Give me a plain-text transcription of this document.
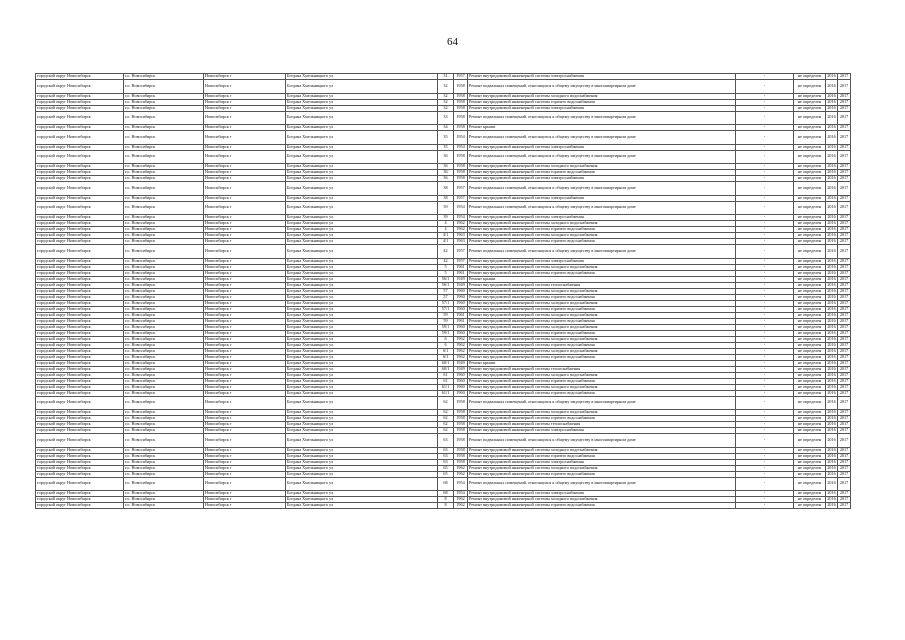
64
городской округ Новосибирск	г.о. Новосибирск	Новосибирск г	Богдана Хмельницкого ул	31	1957	Ремонт внутридомовой инженерной системы электроснабжения	-	не определен	2016	2017
городской округ Новосибирск	г.о. Новосибирск	Новосибирск г	Богдана Хмельницкого ул	32	1958	Ремонт подвальных помещений, относящихся к общему имуществу в многоквартирном доме	-	не определен	2016	2017
городской округ Новосибирск	г.о. Новосибирск	Новосибирск г	Богдана Хмельницкого ул	32	1958	Ремонт внутридомовой инженерной системы холодного водоснабжения	-	не определен	2016	2017
городской округ Новосибирск	г.о. Новосибирск	Новосибирск г	Богдана Хмельницкого ул	32	1958	Ремонт внутридомовой инженерной системы горячего водоснабжения	-	не определен	2016	2017
городской округ Новосибирск	г.о. Новосибирск	Новосибирск г	Богдана Хмельницкого ул	32	1958	Ремонт внутридомовой инженерной системы электроснабжения	-	не определен	2016	2017
городской округ Новосибирск	г.о. Новосибирск	Новосибирск г	Богдана Хмельницкого ул	33	1958	Ремонт подвальных помещений, относящихся к общему имуществу в многоквартирном доме	-	не определен	2016	2017
городской округ Новосибирск	г.о. Новосибирск	Новосибирск г	Богдана Хмельницкого ул	34	1958	Ремонт крыши	-	не определен	2016	2017
городской округ Новосибирск	г.о. Новосибирск	Новосибирск г	Богдана Хмельницкого ул	35	1954	Ремонт подвальных помещений, относящихся к общему имуществу в многоквартирном доме	-	не определен	2016	2017
городской округ Новосибирск	г.о. Новосибирск	Новосибирск г	Богдана Хмельницкого ул	35	1954	Ремонт внутридомовой инженерной системы электроснабжения	-	не определен	2016	2017
городской округ Новосибирск	г.о. Новосибирск	Новосибирск г	Богдана Хмельницкого ул	36	1958	Ремонт подвальных помещений, относящихся к общему имуществу в многоквартирном доме	-	не определен	2016	2017
городской округ Новосибирск	г.о. Новосибирск	Новосибирск г	Богдана Хмельницкого ул	36	1958	Ремонт внутридомовой инженерной системы холодного водоснабжения	-	не определен	2016	2017
городской округ Новосибирск	г.о. Новосибирск	Новосибирск г	Богдана Хмельницкого ул	36	1958	Ремонт внутридомовой инженерной системы горячего водоснабжения	-	не определен	2016	2017
городской округ Новосибирск	г.о. Новосибирск	Новосибирск г	Богдана Хмельницкого ул	36	1958	Ремонт внутридомовой инженерной системы электроснабжения	-	не определен	2016	2017
городской округ Новосибирск	г.о. Новосибирск	Новосибирск г	Богдана Хмельницкого ул	38	1957	Ремонт подвальных помещений, относящихся к общему имуществу в многоквартирном доме	-	не определен	2016	2017
городской округ Новосибирск	г.о. Новосибирск	Новосибирск г	Богдана Хмельницкого ул	38	1957	Ремонт внутридомовой инженерной системы электроснабжения	-	не определен	2016	2017
городской округ Новосибирск	г.о. Новосибирск	Новосибирск г	Богдана Хмельницкого ул	39	1954	Ремонт подвальных помещений, относящихся к общему имуществу в многоквартирном доме	-	не определен	2016	2017
городской округ Новосибирск	г.о. Новосибирск	Новосибирск г	Богдана Хмельницкого ул	39	1954	Ремонт внутридомовой инженерной системы электроснабжения	-	не определен	2016	2017
городской округ Новосибирск	г.о. Новосибирск	Новосибирск г	Богдана Хмельницкого ул	4	1962	Ремонт внутридомовой инженерной системы холодного водоснабжения	-	не определен	2016	2017
городской округ Новосибирск	г.о. Новосибирск	Новосибирск г	Богдана Хмельницкого ул	4	1962	Ремонт внутридомовой инженерной системы горячего водоснабжения	-	не определен	2016	2017
городской округ Новосибирск	г.о. Новосибирск	Новосибирск г	Богдана Хмельницкого ул	4/1	1963	Ремонт внутридомовой инженерной системы холодного водоснабжения	-	не определен	2016	2017
городской округ Новосибирск	г.о. Новосибирск	Новосибирск г	Богдана Хмельницкого ул	4/1	1963	Ремонт внутридомовой инженерной системы горячего водоснабжения	-	не определен	2016	2017
городской округ Новосибирск	г.о. Новосибирск	Новосибирск г	Богдана Хмельницкого ул	42	1957	Ремонт подвальных помещений, относящихся к общему имуществу в многоквартирном доме	-	не определен	2016	2017
городской округ Новосибирск	г.о. Новосибирск	Новосибирск г	Богдана Хмельницкого ул	42	1957	Ремонт внутридомовой инженерной системы электроснабжения	-	не определен	2016	2017
городской округ Новосибирск	г.о. Новосибирск	Новосибирск г	Богдана Хмельницкого ул	5	1961	Ремонт внутридомовой инженерной системы холодного водоснабжения	-	не определен	2016	2017
городской округ Новосибирск	г.о. Новосибирск	Новосибирск г	Богдана Хмельницкого ул	5	1961	Ремонт внутридомовой инженерной системы горячего водоснабжения	-	не определен	2016	2017
городской округ Новосибирск	г.о. Новосибирск	Новосибирск г	Богдана Хмельницкого ул	56/1	1949	Ремонт крыши	-	не определен	2016	2017
городской округ Новосибирск	г.о. Новосибирск	Новосибирск г	Богдана Хмельницкого ул	56/1	1949	Ремонт внутридомовой инженерной системы теплоснабжения	-	не определен	2016	2017
городской округ Новосибирск	г.о. Новосибирск	Новосибирск г	Богдана Хмельницкого ул	57	1960	Ремонт внутридомовой инженерной системы холодного водоснабжения	-	не определен	2016	2017
городской округ Новосибирск	г.о. Новосибирск	Новосибирск г	Богдана Хмельницкого ул	57	1960	Ремонт внутридомовой инженерной системы горячего водоснабжения	-	не определен	2016	2017
городской округ Новосибирск	г.о. Новосибирск	Новосибирск г	Богдана Хмельницкого ул	57/1	1960	Ремонт внутридомовой инженерной системы холодного водоснабжения	-	не определен	2016	2017
городской округ Новосибирск	г.о. Новосибирск	Новосибирск г	Богдана Хмельницкого ул	57/1	1960	Ремонт внутридомовой инженерной системы горячего водоснабжения	-	не определен	2016	2017
городской округ Новосибирск	г.о. Новосибирск	Новосибирск г	Богдана Хмельницкого ул	59	1961	Ремонт внутридомовой инженерной системы холодного водоснабжения	-	не определен	2016	2017
городской округ Новосибирск	г.о. Новосибирск	Новосибирск г	Богдана Хмельницкого ул	59	1961	Ремонт внутридомовой инженерной системы горячего водоснабжения	-	не определен	2016	2017
городской округ Новосибирск	г.о. Новосибирск	Новосибирск г	Богдана Хмельницкого ул	59/1	1960	Ремонт внутридомовой инженерной системы холодного водоснабжения	-	не определен	2016	2017
городской округ Новосибирск	г.о. Новосибирск	Новосибирск г	Богдана Хмельницкого ул	59/1	1960	Ремонт внутридомовой инженерной системы горячего водоснабжения	-	не определен	2016	2017
городской округ Новосибирск	г.о. Новосибирск	Новосибирск г	Богдана Хмельницкого ул	6	1962	Ремонт внутридомовой инженерной системы холодного водоснабжения	-	не определен	2016	2017
городской округ Новосибирск	г.о. Новосибирск	Новосибирск г	Богдана Хмельницкого ул	6	1962	Ремонт внутридомовой инженерной системы горячего водоснабжения	-	не определен	2016	2017
городской округ Новосибирск	г.о. Новосибирск	Новосибирск г	Богдана Хмельницкого ул	6/1	1962	Ремонт внутридомовой инженерной системы холодного водоснабжения	-	не определен	2016	2017
городской округ Новосибирск	г.о. Новосибирск	Новосибирск г	Богдана Хмельницкого ул	6/1	1962	Ремонт внутридомовой инженерной системы горячего водоснабжения	-	не определен	2016	2017
городской округ Новосибирск	г.о. Новосибирск	Новосибирск г	Богдана Хмельницкого ул	60/1	1949	Ремонт крыши	-	не определен	2016	2017
городской округ Новосибирск	г.о. Новосибирск	Новосибирск г	Богдана Хмельницкого ул	60/1	1949	Ремонт внутридомовой инженерной системы теплоснабжения	-	не определен	2016	2017
городской округ Новосибирск	г.о. Новосибирск	Новосибирск г	Богдана Хмельницкого ул	61	1960	Ремонт внутридомовой инженерной системы холодного водоснабжения	-	не определен	2016	2017
городской округ Новосибирск	г.о. Новосибирск	Новосибирск г	Богдана Хмельницкого ул	61	1960	Ремонт внутридомовой инженерной системы горячего водоснабжения	-	не определен	2016	2017
городской округ Новосибирск	г.о. Новосибирск	Новосибирск г	Богдана Хмельницкого ул	61/1	1960	Ремонт внутридомовой инженерной системы холодного водоснабжения	-	не определен	2016	2017
городской округ Новосибирск	г.о. Новосибирск	Новосибирск г	Богдана Хмельницкого ул	61/1	1960	Ремонт внутридомовой инженерной системы горячего водоснабжения	-	не определен	2016	2017
городской округ Новосибирск	г.о. Новосибирск	Новосибирск г	Богдана Хмельницкого ул	62	1958	Ремонт подвальных помещений, относящихся к общему имуществу в многоквартирном доме	-	не определен	2016	2017
городской округ Новосибирск	г.о. Новосибирск	Новосибирск г	Богдана Хмельницкого ул	62	1958	Ремонт внутридомовой инженерной системы холодного водоснабжения	-	не определен	2016	2017
городской округ Новосибирск	г.о. Новосибирск	Новосибирск г	Богдана Хмельницкого ул	62	1958	Ремонт внутридомовой инженерной системы горячего водоснабжения	-	не определен	2016	2017
городской округ Новосибирск	г.о. Новосибирск	Новосибирск г	Богдана Хмельницкого ул	62	1958	Ремонт внутридомовой инженерной системы теплоснабжения	-	не определен	2016	2017
городской округ Новосибирск	г.о. Новосибирск	Новосибирск г	Богдана Хмельницкого ул	62	1958	Ремонт внутридомовой инженерной системы электроснабжения	-	не определен	2016	2017
городской округ Новосибирск	г.о. Новосибирск	Новосибирск г	Богдана Хмельницкого ул	63	1958	Ремонт подвальных помещений, относящихся к общему имуществу в многоквартирном доме	-	не определен	2016	2017
городской округ Новосибирск	г.о. Новосибирск	Новосибирск г	Богдана Хмельницкого ул	63	1958	Ремонт внутридомовой инженерной системы холодного водоснабжения	-	не определен	2016	2017
городской округ Новосибирск	г.о. Новосибирск	Новосибирск г	Богдана Хмельницкого ул	63	1958	Ремонт внутридомовой инженерной системы горячего водоснабжения	-	не определен	2016	2017
городской округ Новосибирск	г.о. Новосибирск	Новосибирск г	Богдана Хмельницкого ул	63	1958	Ремонт внутридомовой инженерной системы электроснабжения	-	не определен	2016	2017
городской округ Новосибирск	г.о. Новосибирск	Новосибирск г	Богдана Хмельницкого ул	65	1962	Ремонт внутридомовой инженерной системы холодного водоснабжения	-	не определен	2016	2017
городской округ Новосибирск	г.о. Новосибирск	Новосибирск г	Богдана Хмельницкого ул	65	1962	Ремонт внутридомовой инженерной системы горячего водоснабжения	-	не определен	2016	2017
городской округ Новосибирск	г.о. Новосибирск	Новосибирск г	Богдана Хмельницкого ул	68	1954	Ремонт подвальных помещений, относящихся к общему имуществу в многоквартирном доме	-	не определен	2016	2017
городской округ Новосибирск	г.о. Новосибирск	Новосибирск г	Богдана Хмельницкого ул	68	1954	Ремонт внутридомовой инженерной системы электроснабжения	-	не определен	2016	2017
городской округ Новосибирск	г.о. Новосибирск	Новосибирск г	Богдана Хмельницкого ул	8	1962	Ремонт внутридомовой инженерной системы холодного водоснабжения	-	не определен	2016	2017
городской округ Новосибирск	г.о. Новосибирск	Новосибирск г	Богдана Хмельницкого ул	8	1962	Ремонт внутридомовой инженерной системы горячего водоснабжения	-	не определен	2016	2017
